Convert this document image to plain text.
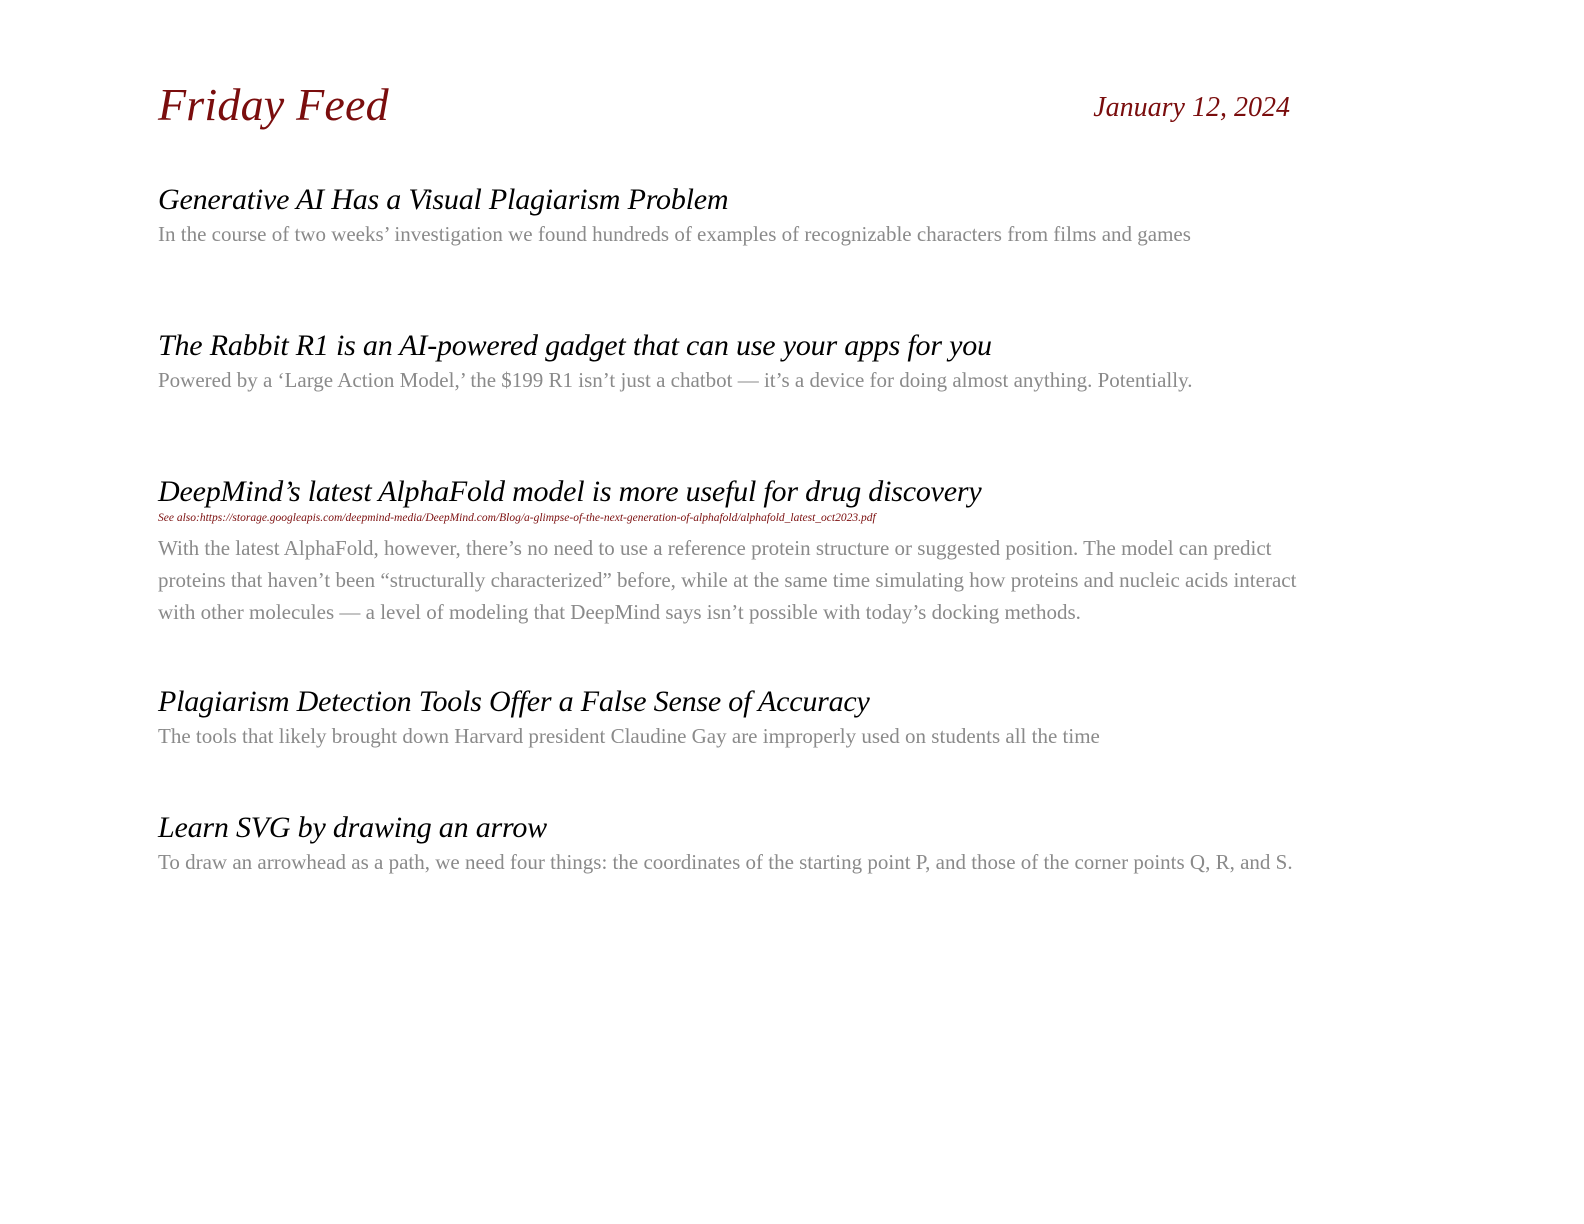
Friday Feed	January 12, 2024
Generative AI Has a Visual Plagiarism Problem

In the course of two weeks’ investigation we found hundreds of examples of recognizable characters from films and games

The Rabbit R1 is an AI-powered gadget that can use your apps for you

Powered by a ‘Large Action Model,’ the $199 R1 isn’t just a chatbot — it’s a device for doing almost anything. Potentially.

DeepMind’s latest AlphaFold model is more useful for drug discovery
See also:https://storage.googleapis.com/deepmind-media/DeepMind.com/Blog/a-glimpse-of-the-next-generation-of-alphafold/alphafold_latest_oct2023.pdf

With the latest AlphaFold, however, there’s no need to use a reference protein structure or suggested position. The model can predict proteins that haven’t been “structurally characterized” before, while at the same time simulating how proteins and nucleic acids interact with other molecules — a level of modeling that DeepMind says isn’t possible with today’s docking methods.

Plagiarism Detection Tools Offer a False Sense of Accuracy

The tools that likely brought down Harvard president Claudine Gay are improperly used on students all the time

Learn SVG by drawing an arrow

To draw an arrowhead as a path, we need four things: the coordinates of the starting point P, and those of the corner points Q, R, and S.
